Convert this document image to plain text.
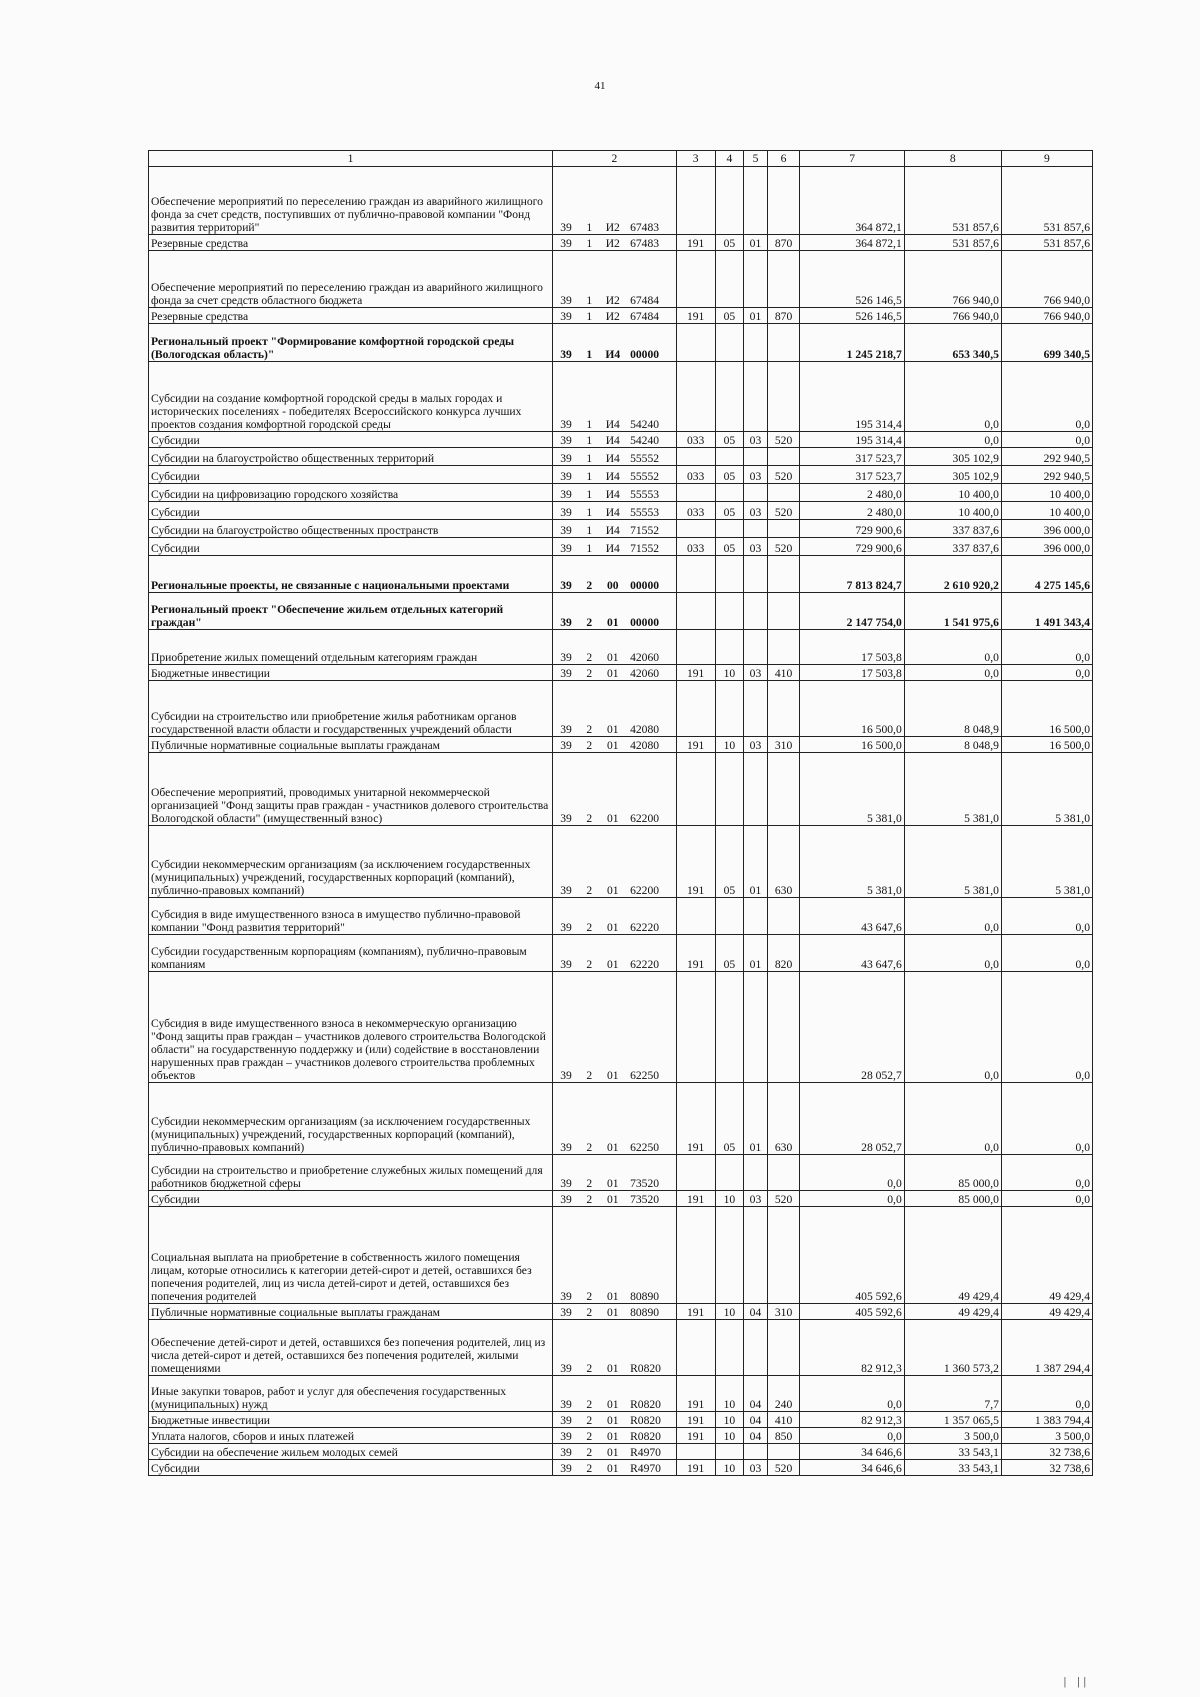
41
1	2				3	4	5	6	7	8	9
Обеспечение мероприятий по переселению граждан из аварийного жилищного фонда за счет средств, поступивших от публично-правовой компании "Фонд развития территорий"	39	1	И2	67483					364 872,1	531 857,6	531 857,6
Резервные средства	39	1	И2	67483	191	05	01	870	364 872,1	531 857,6	531 857,6
Обеспечение мероприятий по переселению граждан из аварийного жилищного фонда за счет средств областного бюджета	39	1	И2	67484					526 146,5	766 940,0	766 940,0
Резервные средства	39	1	И2	67484	191	05	01	870	526 146,5	766 940,0	766 940,0
Региональный проект "Формирование комфортной городской среды (Вологодская область)"	39	1	И4	00000					1 245 218,7	653 340,5	699 340,5
Субсидии на создание комфортной городской среды в малых городах и исторических поселениях - победителях Всероссийского конкурса лучших проектов создания комфортной городской среды	39	1	И4	54240					195 314,4	0,0	0,0
Субсидии	39	1	И4	54240	033	05	03	520	195 314,4	0,0	0,0
Субсидии на благоустройство общественных территорий	39	1	И4	55552					317 523,7	305 102,9	292 940,5
Субсидии	39	1	И4	55552	033	05	03	520	317 523,7	305 102,9	292 940,5
Субсидии на цифровизацию городского хозяйства	39	1	И4	55553					2 480,0	10 400,0	10 400,0
Субсидии	39	1	И4	55553	033	05	03	520	2 480,0	10 400,0	10 400,0
Субсидии на благоустройство общественных пространств	39	1	И4	71552					729 900,6	337 837,6	396 000,0
Субсидии	39	1	И4	71552	033	05	03	520	729 900,6	337 837,6	396 000,0
Региональные проекты, не связанные с национальными проектами	39	2	00	00000					7 813 824,7	2 610 920,2	4 275 145,6
Региональный проект "Обеспечение жильем отдельных категорий граждан"	39	2	01	00000					2 147 754,0	1 541 975,6	1 491 343,4
Приобретение жилых помещений отдельным категориям граждан	39	2	01	42060					17 503,8	0,0	0,0
Бюджетные инвестиции	39	2	01	42060	191	10	03	410	17 503,8	0,0	0,0
Субсидии на строительство или приобретение жилья работникам органов государственной власти области и государственных учреждений области	39	2	01	42080					16 500,0	8 048,9	16 500,0
Публичные нормативные социальные выплаты гражданам	39	2	01	42080	191	10	03	310	16 500,0	8 048,9	16 500,0
Обеспечение мероприятий, проводимых унитарной некоммерческой организацией "Фонд защиты прав граждан - участников долевого строительства Вологодской области" (имущественный взнос)	39	2	01	62200					5 381,0	5 381,0	5 381,0
Субсидии некоммерческим организациям (за исключением государственных (муниципальных) учреждений, государственных корпораций (компаний), публично-правовых компаний)	39	2	01	62200	191	05	01	630	5 381,0	5 381,0	5 381,0
Субсидия в виде имущественного взноса в имущество публично-правовой компании "Фонд развития территорий"	39	2	01	62220					43 647,6	0,0	0,0
Субсидии государственным корпорациям (компаниям), публично-правовым компаниям	39	2	01	62220	191	05	01	820	43 647,6	0,0	0,0
Субсидия в виде имущественного взноса в некоммерческую организацию "Фонд защиты прав граждан – участников долевого строительства Вологодской области" на государственную поддержку и (или) содействие в восстановлении нарушенных прав граждан – участников долевого строительства проблемных объектов	39	2	01	62250					28 052,7	0,0	0,0
Субсидии некоммерческим организациям (за исключением государственных (муниципальных) учреждений, государственных корпораций (компаний), публично-правовых компаний)	39	2	01	62250	191	05	01	630	28 052,7	0,0	0,0
Субсидии на строительство и приобретение служебных жилых помещений для работников бюджетной сферы	39	2	01	73520					0,0	85 000,0	0,0
Субсидии	39	2	01	73520	191	10	03	520	0,0	85 000,0	0,0
Социальная выплата на приобретение в собственность жилого помещения лицам, которые относились к категории детей-сирот и детей, оставшихся без попечения родителей, лиц из числа детей-сирот и детей, оставшихся без попечения родителей	39	2	01	80890					405 592,6	49 429,4	49 429,4
Публичные нормативные социальные выплаты гражданам	39	2	01	80890	191	10	04	310	405 592,6	49 429,4	49 429,4
Обеспечение детей-сирот и детей, оставшихся без попечения родителей, лиц из числа детей-сирот и детей, оставшихся без попечения родителей, жилыми помещениями	39	2	01	R0820					82 912,3	1 360 573,2	1 387 294,4
Иные закупки товаров, работ и услуг для обеспечения государственных (муниципальных) нужд	39	2	01	R0820	191	10	04	240	0,0	7,7	0,0
Бюджетные инвестиции	39	2	01	R0820	191	10	04	410	82 912,3	1 357 065,5	1 383 794,4
Уплата налогов, сборов и иных платежей	39	2	01	R0820	191	10	04	850	0,0	3 500,0	3 500,0
Субсидии на обеспечение жильем молодых семей	39	2	01	R4970					34 646,6	33 543,1	32 738,6
Субсидии	39	2	01	R4970	191	10	03	520	34 646,6	33 543,1	32 738,6
| ||
